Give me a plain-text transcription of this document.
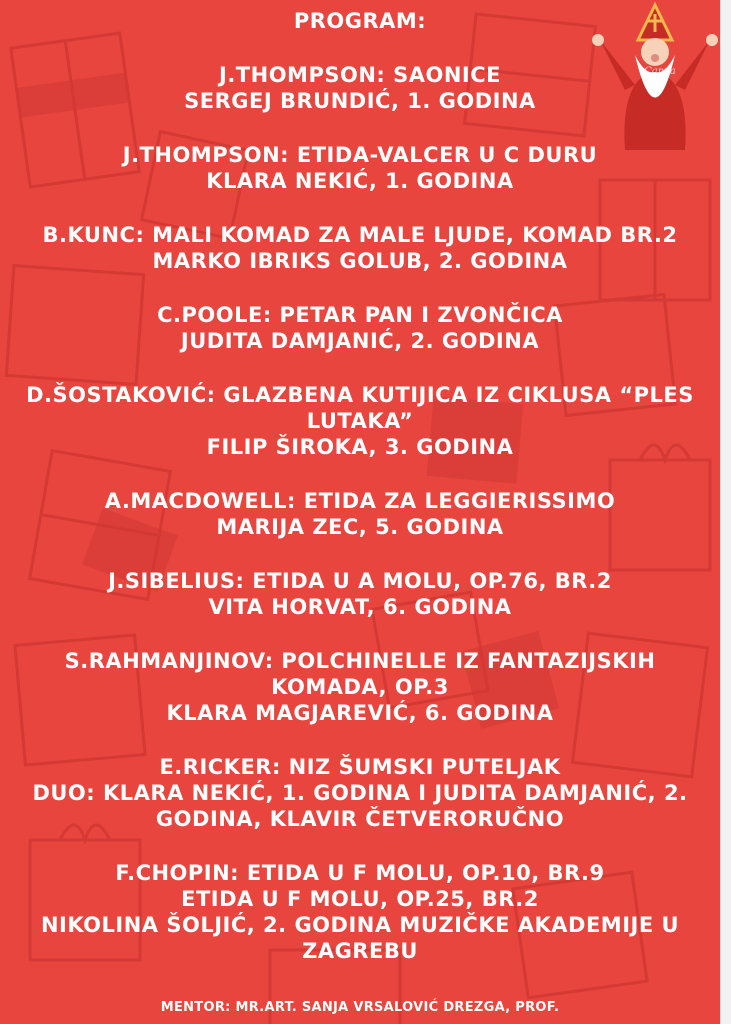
Canva
PROGRAM:
J.THOMPSON: SAONICE
SERGEJ BRUNDIĆ, 1. GODINA
J.THOMPSON: ETIDA-VALCER U C DURU
KLARA NEKIĆ, 1. GODINA
B.KUNC: MALI KOMAD ZA MALE LJUDE, KOMAD BR.2
MARKO IBRIKS GOLUB, 2. GODINA
C.POOLE: PETAR PAN I ZVONČICA
JUDITA DAMJANIĆ, 2. GODINA
D.ŠOSTAKOVIĆ: GLAZBENA KUTIJICA IZ CIKLUSA “PLES
LUTAKA”
FILIP ŠIROKA, 3. GODINA
A.MACDOWELL: ETIDA ZA LEGGIERISSIMO
MARIJA ZEC, 5. GODINA
J.SIBELIUS: ETIDA U A MOLU, OP.76, BR.2
VITA HORVAT, 6. GODINA
S.RAHMANJINOV: POLCHINELLE IZ FANTAZIJSKIH
KOMADA, OP.3
KLARA MAGJAREVIĆ, 6. GODINA
E.RICKER: NIZ ŠUMSKI PUTELJAK
DUO: KLARA NEKIĆ, 1. GODINA I JUDITA DAMJANIĆ, 2.
GODINA, KLAVIR ČETVERORUČNO
F.CHOPIN: ETIDA U F MOLU, OP.10, BR.9
ETIDA U F MOLU, OP.25, BR.2
NIKOLINA ŠOLJIĆ, 2. GODINA MUZIČKE AKADEMIJE U
ZAGREBU
MENTOR: MR.ART. SANJA VRSALOVIĆ DREZGA, PROF.
